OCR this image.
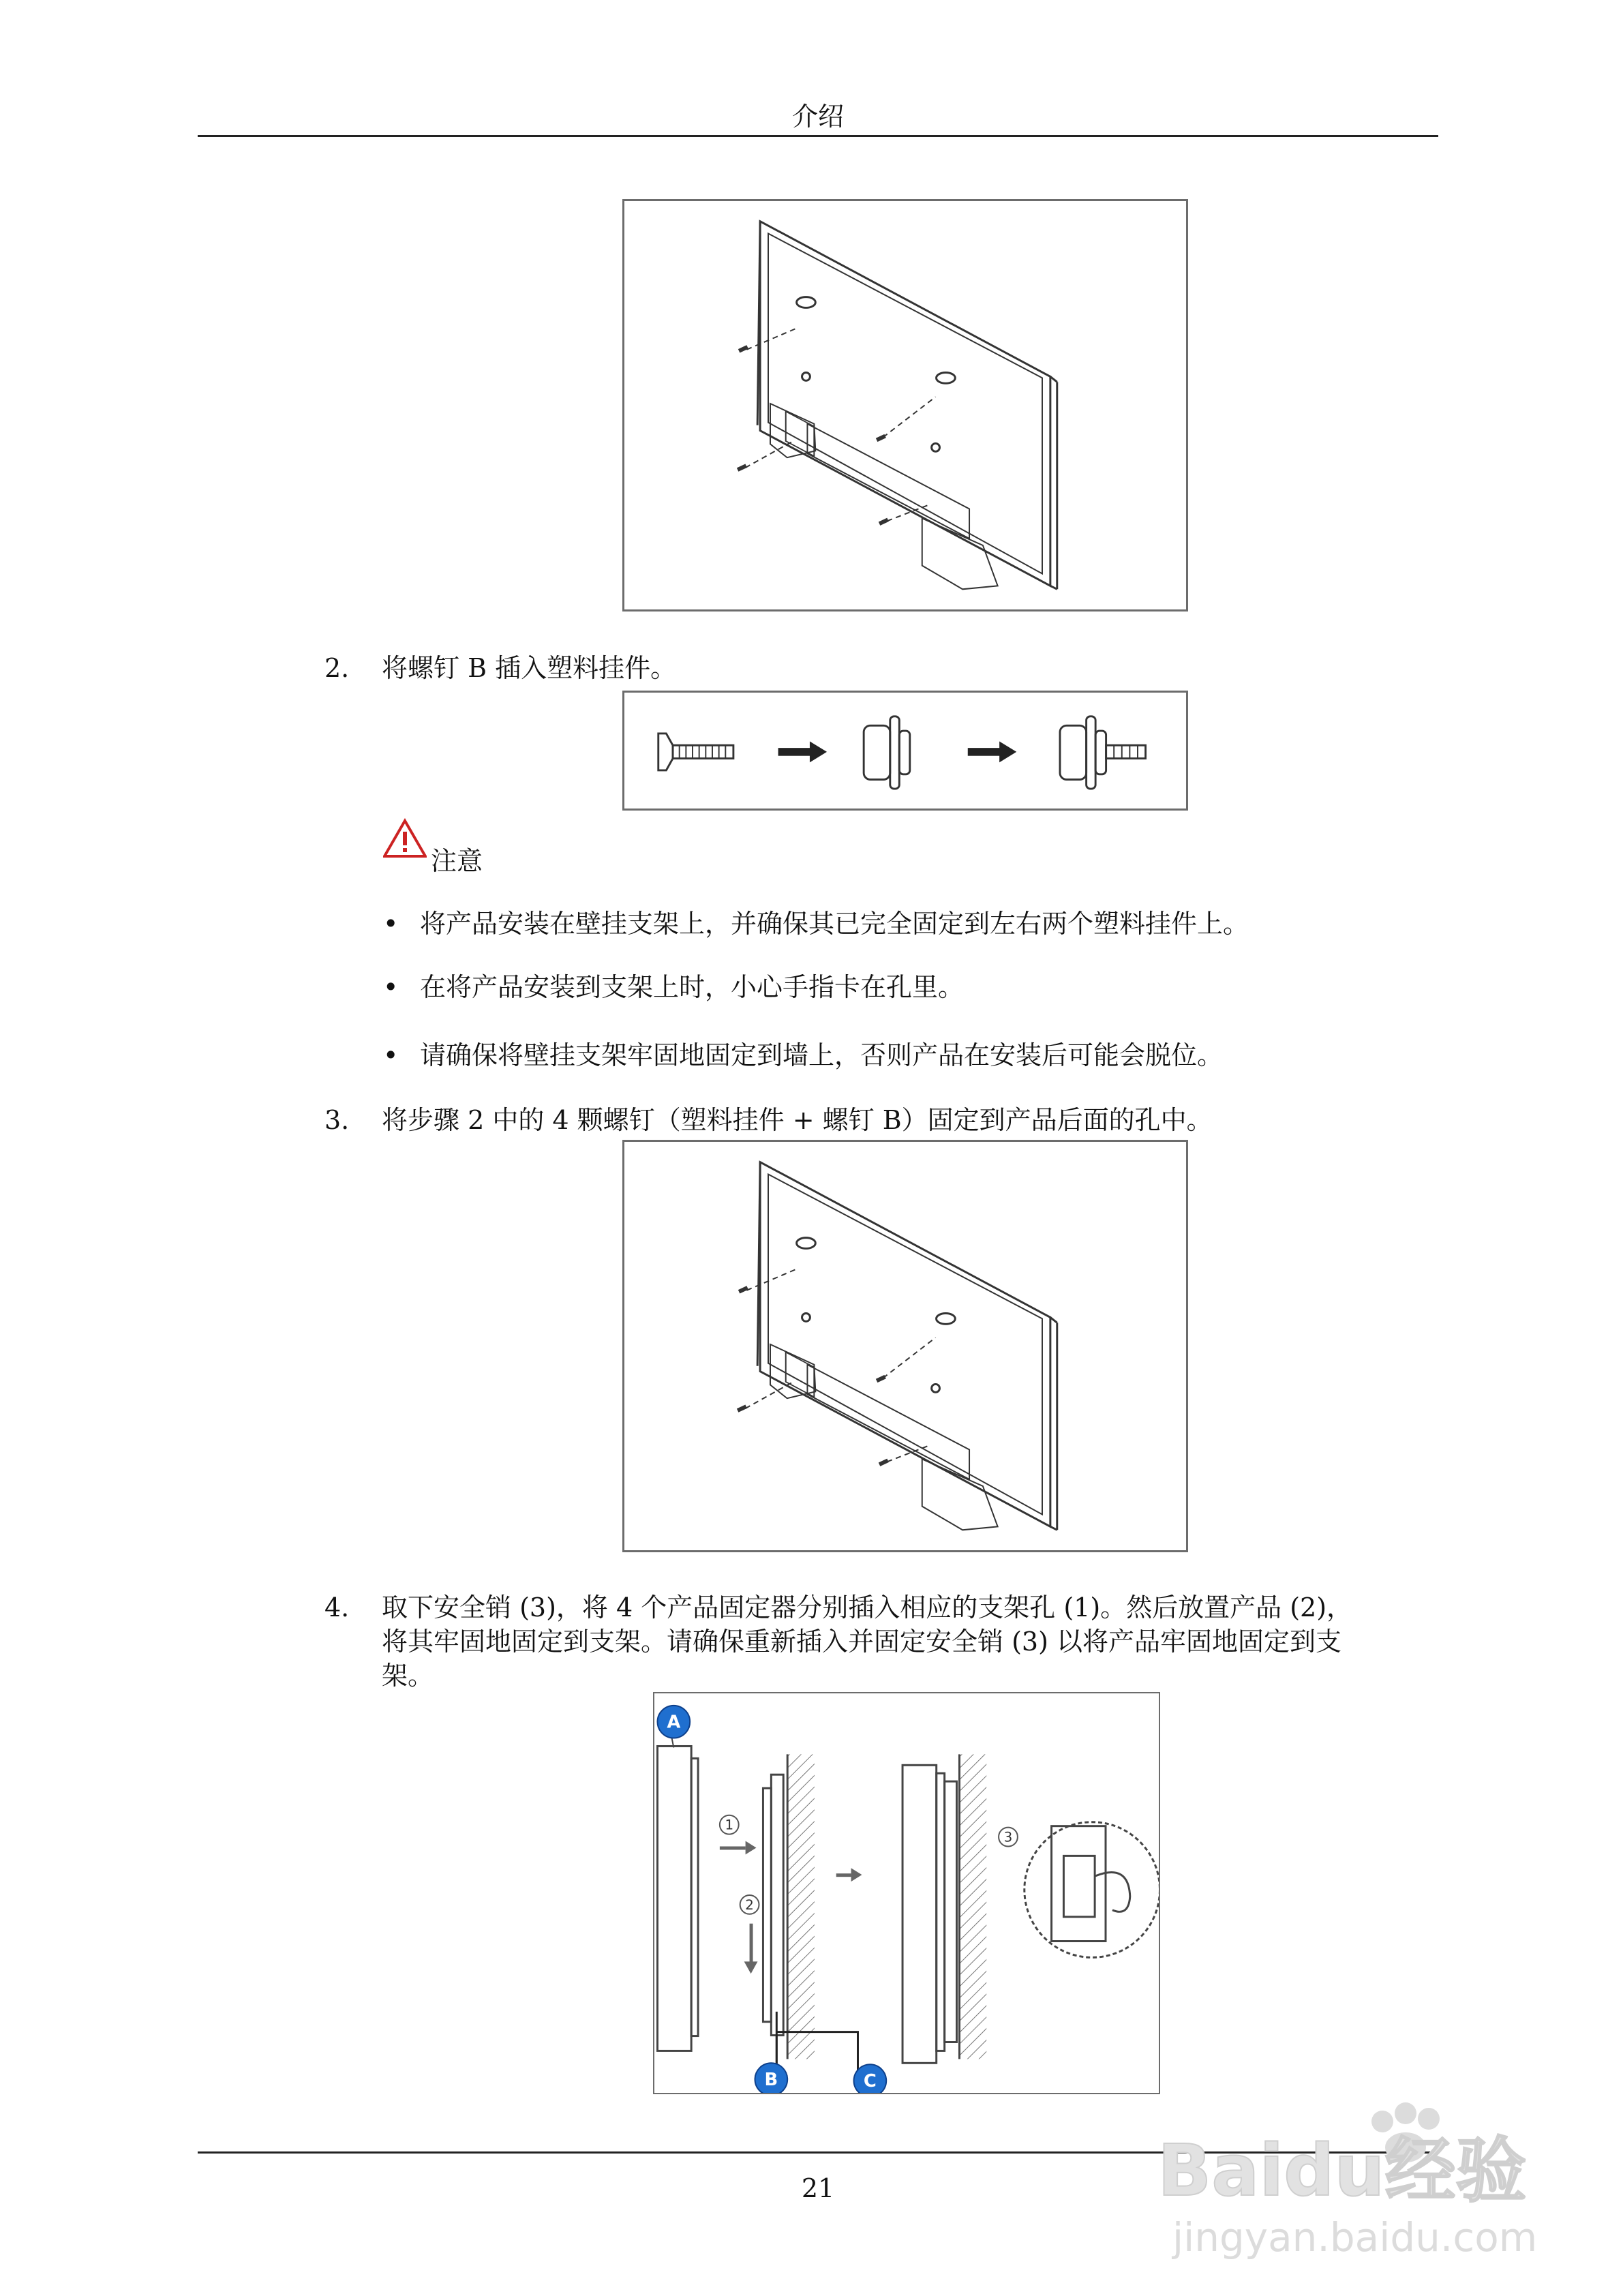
介绍
2. 将螺钉 B 插入塑料挂件。
注意
• 将产品安装在壁挂支架上，并确保其已完全固定到左右两个塑料挂件上。
• 在将产品安装到支架上时，小心手指卡在孔里。
• 请确保将壁挂支架牢固地固定到墙上，否则产品在安装后可能会脱位。
3. 将步骤 2 中的 4 颗螺钉（塑料挂件 + 螺钉 B）固定到产品后面的孔中。
4. 取下安全销 (3)，将 4 个产品固定器分别插入相应的支架孔 (1)。然后放置产品 (2)，
将其牢固地固定到支架。请确保重新插入并固定安全销 (3) 以将产品牢固地固定到支
架。
1
2
3
A
B	C
21	Baidu经验
jingyan.baidu.com
